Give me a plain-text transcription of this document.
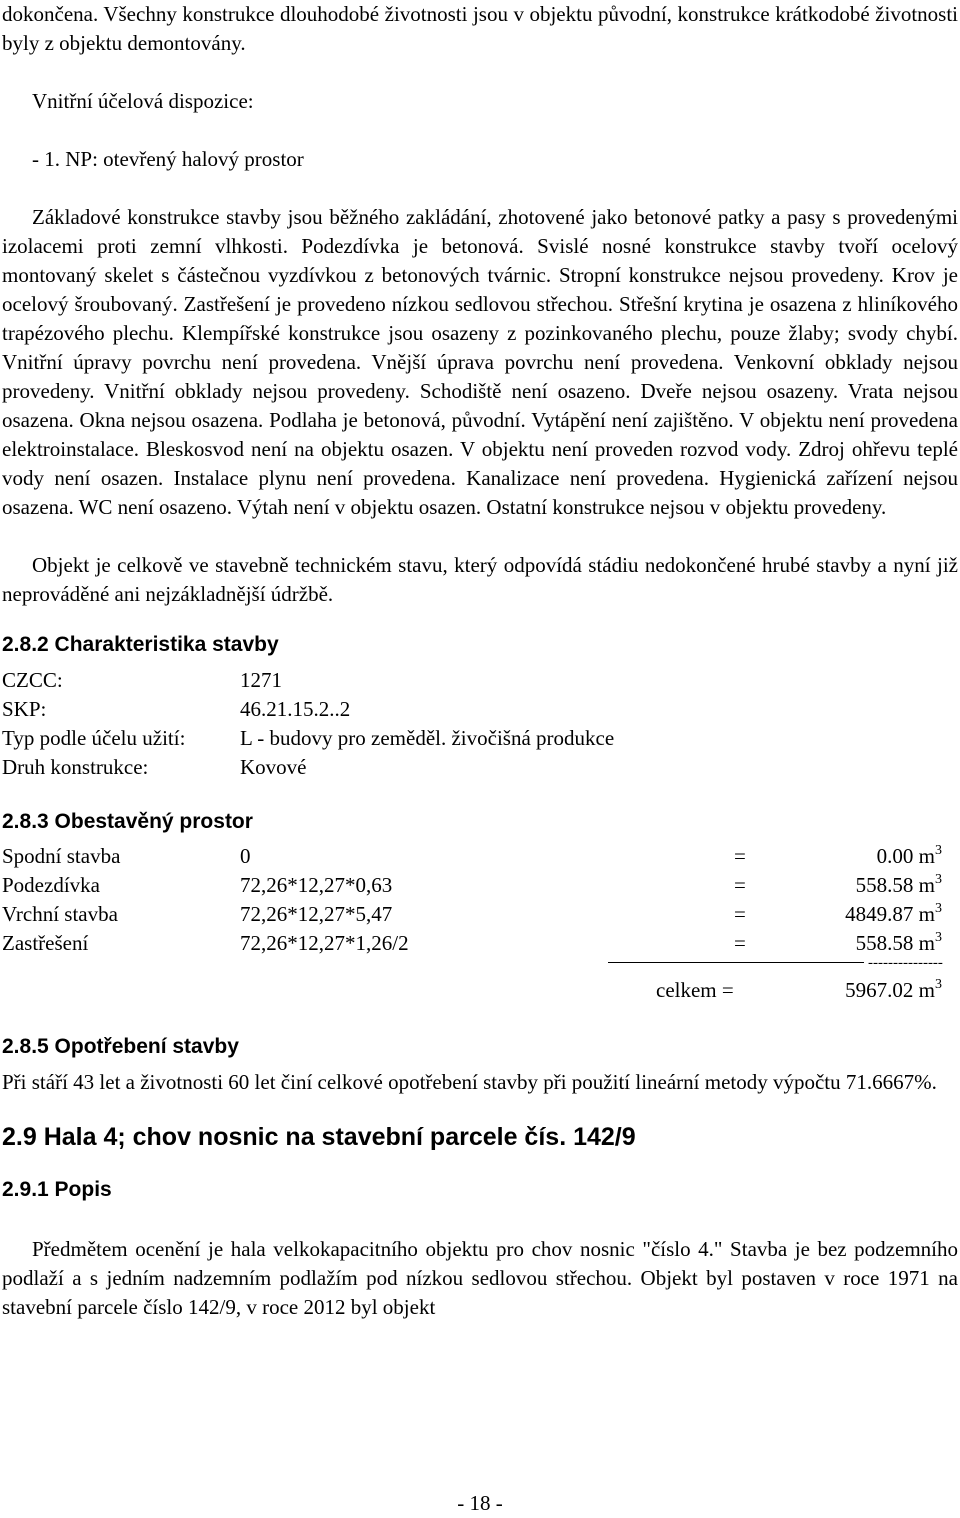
dokončena. Všechny konstrukce dlouhodobé životnosti jsou v objektu původní, konstrukce krátkodobé životnosti byly z objektu demontovány.

Vnitřní účelová dispozice:

- 1. NP: otevřený halový prostor

Základové konstrukce stavby jsou běžného zakládání, zhotovené jako betonové patky a pasy s provedenými izolacemi proti zemní vlhkosti. Podezdívka je betonová. Svislé nosné konstrukce stavby tvoří ocelový montovaný skelet s částečnou vyzdívkou z betonových tvárnic. Stropní konstrukce nejsou provedeny. Krov je ocelový šroubovaný. Zastřešení je provedeno nízkou sedlovou střechou. Střešní krytina je osazena z hliníkového trapézového plechu. Klempířské konstrukce jsou osazeny z pozinkovaného plechu, pouze žlaby; svody chybí. Vnitřní úpravy povrchu není provedena. Vnější úprava povrchu není provedena. Venkovní obklady nejsou provedeny. Vnitřní obklady nejsou provedeny. Schodiště není osazeno. Dveře nejsou osazeny. Vrata nejsou osazena. Okna nejsou osazena. Podlaha je betonová, původní. Vytápění není zajištěno. V objektu není provedena elektroinstalace. Bleskosvod není na objektu osazen. V objektu není proveden rozvod vody. Zdroj ohřevu teplé vody není osazen. Instalace plynu není provedena. Kanalizace není provedena. Hygienická zařízení nejsou osazena. WC není osazeno. Výtah není v objektu osazen. Ostatní konstrukce nejsou v objektu provedeny.

Objekt je celkově ve stavebně technickém stavu, který odpovídá stádiu nedokončené hrubé stavby a nyní již neprováděné ani nejzákladnější údržbě.

2.8.2 Charakteristika stavby
CZCC:	1271
SKP:	46.21.15.2..2
Typ podle účelu užití:	L - budovy pro zeměděl. živočišná produkce
Druh konstrukce:	Kovové
2.8.3 Obestavěný prostor
Spodní stavba	0	=	0.00 $m^3$
Podezdívka	72,26*12,27*0,63	=	558.58 $m^3$
Vrchní stavba	72,26*12,27*5,47	=	4849.87 $m^3$
Zastřešení	72,26*12,27*1,26/2	=	558.58 $m^3$
---------------
celkem =	5967.02 $m^3$
2.8.5 Opotřebení stavby

Při stáří 43 let a životnosti 60 let činí celkové opotřebení stavby při použití lineární metody výpočtu 71.6667%.

2.9 Hala 4; chov nosnic na stavební parcele čís. 142/9
2.9.1 Popis

Předmětem ocenění je hala velkokapacitního objektu pro chov nosnic "číslo 4." Stavba je bez podzemního podlaží a s jedním nadzemním podlažím pod nízkou sedlovou střechou. Objekt byl postaven v roce 1971 na stavební parcele číslo 142/9, v roce 2012 byl objekt

- 18 -
